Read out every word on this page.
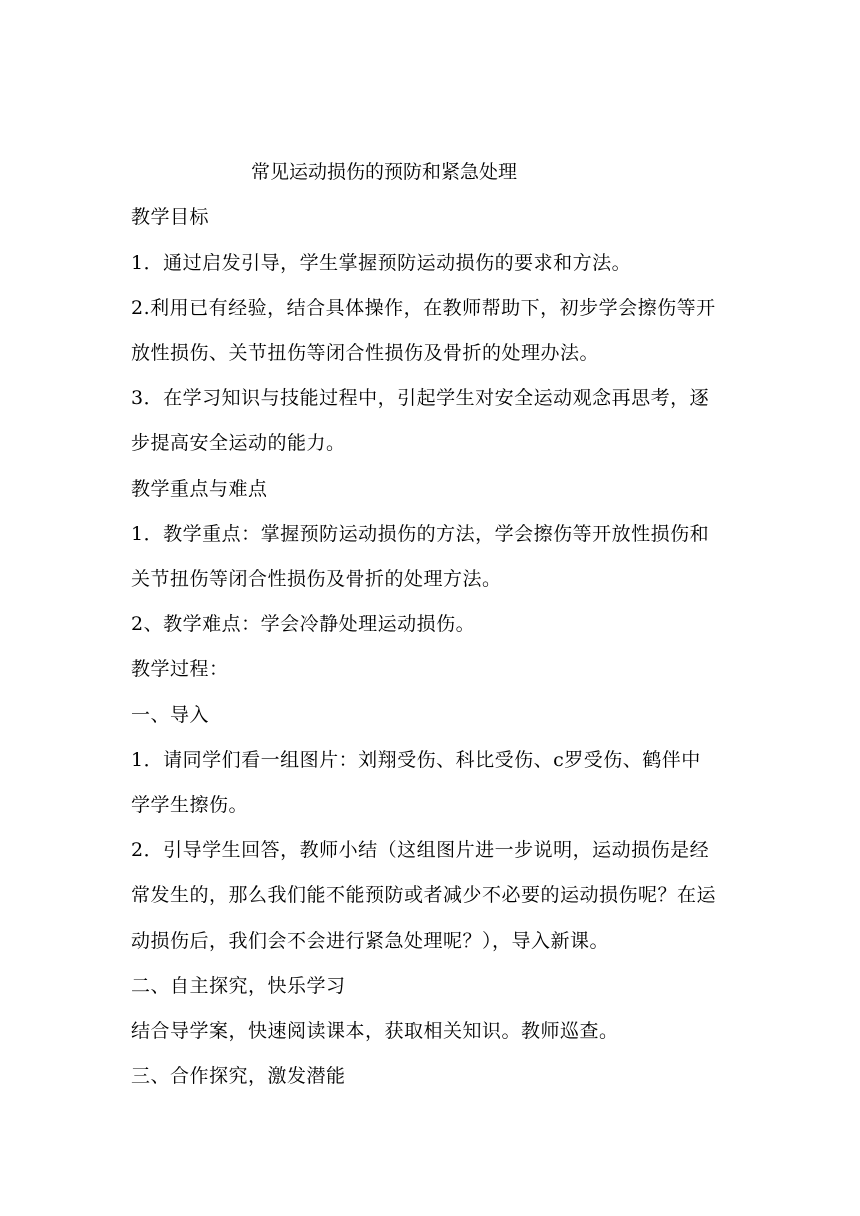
常见运动损伤的预防和紧急处理
教学目标
1．通过启发引导，学生掌握预防运动损伤的要求和方法。
2.利用已有经验，结合具体操作，在教师帮助下，初步学会擦伤等开
放性损伤、关节扭伤等闭合性损伤及骨折的处理办法。
3．在学习知识与技能过程中，引起学生对安全运动观念再思考，逐
步提高安全运动的能力。
教学重点与难点
1．教学重点：掌握预防运动损伤的方法，学会擦伤等开放性损伤和
关节扭伤等闭合性损伤及骨折的处理方法。
2、教学难点：学会冷静处理运动损伤。
教学过程：
一、导入
1．请同学们看一组图片：刘翔受伤、科比受伤、c罗受伤、鹤伴中
学学生擦伤。
2．引导学生回答，教师小结（这组图片进一步说明，运动损伤是经
常发生的，那么我们能不能预防或者减少不必要的运动损伤呢？在运
动损伤后，我们会不会进行紧急处理呢？），导入新课。
二、自主探究，快乐学习
结合导学案，快速阅读课本，获取相关知识。教师巡查。
三、合作探究，激发潜能
